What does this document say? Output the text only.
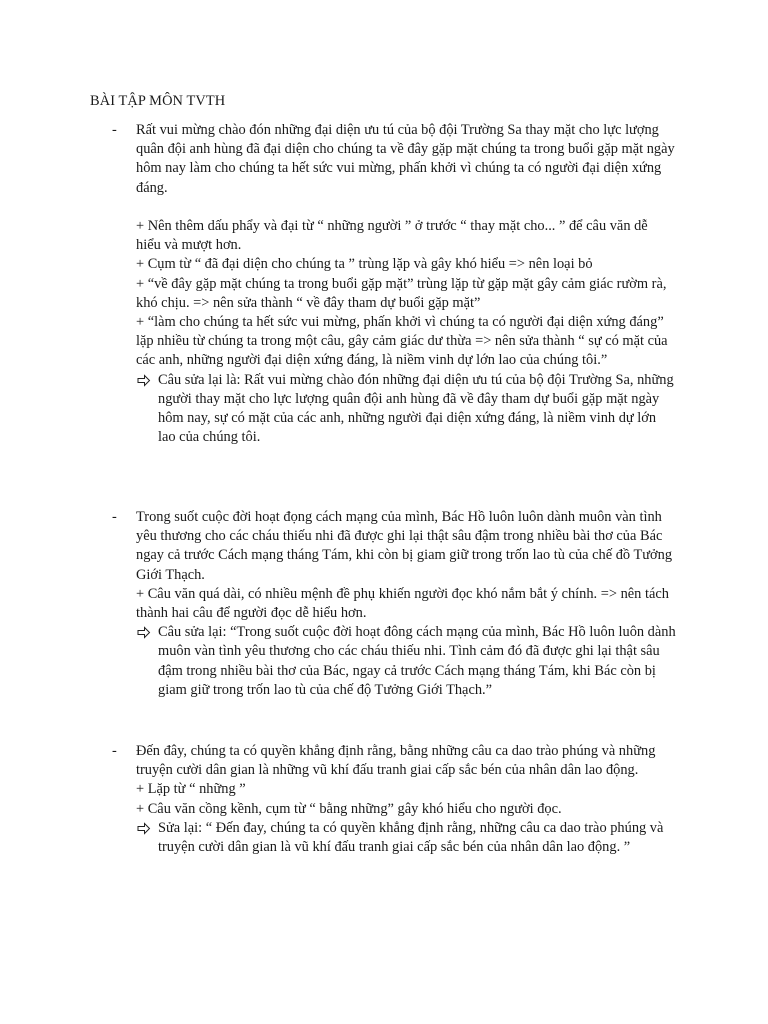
BÀI TẬP MÔN TVTH
- Rất vui mừng chào đón những đại diện ưu tú của bộ đội Trường Sa thay mặt cho lực lượng quân đội anh hùng đã đại diện cho chúng ta về đây gặp mặt chúng ta trong buổi gặp mặt ngày hôm nay làm cho chúng ta hết sức vui mừng, phấn khởi vì chúng ta có người đại diện xứng đáng.

+ Nên thêm dấu phẩy và đại từ “ những người ” ở trước “ thay mặt cho... ” để câu văn dễ hiểu và mượt hơn.

+ Cụm từ “ đã đại diện cho chúng ta ” trùng lặp và gây khó hiểu => nên loại bỏ

+ “về đây gặp mặt chúng ta trong buổi gặp mặt” trùng lặp từ gặp mặt gây cảm giác rườm rà, khó chịu. => nên sửa thành “ về đây tham dự buổi gặp mặt”

+ “làm cho chúng ta hết sức vui mừng, phấn khởi vì chúng ta có người đại diện xứng đáng” lặp nhiều từ chúng ta trong một câu, gây cảm giác dư thừa => nên sửa thành “ sự có mặt của các anh, những người đại diện xứng đáng, là niềm vinh dự lớn lao của chúng tôi.”

Câu sửa lại là: Rất vui mừng chào đón những đại diện ưu tú của bộ đội Trường Sa, những người thay mặt cho lực lượng quân đội anh hùng đã về đây tham dự buổi gặp mặt ngày hôm nay, sự có mặt của các anh, những người đại diện xứng đáng, là niềm vinh dự lớn lao của chúng tôi.

- Trong suốt cuộc đời hoạt đọng cách mạng của mình, Bác Hồ luôn luôn dành muôn vàn tình yêu thương cho các cháu thiếu nhi đã được ghi lại thật sâu đậm trong nhiều bài thơ của Bác ngay cả trước Cách mạng tháng Tám, khi còn bị giam giữ trong trốn lao tù của chế đồ Tưởng Giới Thạch.

+ Câu văn quá dài, có nhiều mệnh đề phụ khiến người đọc khó nắm bắt ý chính. => nên tách thành hai câu để người đọc dễ hiểu hơn.

Câu sửa lại: “Trong suốt cuộc đời hoạt đông cách mạng của mình, Bác Hồ luôn luôn dành muôn vàn tình yêu thương cho các cháu thiếu nhi. Tình cảm đó đã được ghi lại thật sâu đậm trong nhiều bài thơ của Bác, ngay cả trước Cách mạng tháng Tám, khi Bác còn bị giam giữ trong trốn lao tù của chế độ Tưởng Giới Thạch.”

- Đến đây, chúng ta có quyền khẳng định rằng, bằng những câu ca dao trào phúng và những truyện cười dân gian là những vũ khí đấu tranh giai cấp sắc bén của nhân dân lao động.

+ Lặp từ “ những ”

+ Câu văn cồng kềnh, cụm từ “ bằng những” gây khó hiểu cho người đọc.

Sửa lại: “ Đến đay, chúng ta có quyền khẳng định rằng, những câu ca dao trào phúng và truyện cười dân gian là vũ khí đấu tranh giai cấp sắc bén của nhân dân lao động. ”
